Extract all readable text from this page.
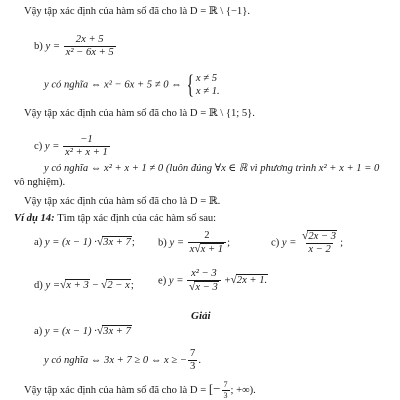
Vậy tập xác định của hàm số đã cho là D = ℝ \ {−1}.
b) $y = \frac{2x + 5}{\text{x² − 6x + 5}}$
y có nghĩa ⇔ x² − 6x + 5 ≠ 0 ⇔ { x ≠ 5
x ≠ 1.
Vậy tập xác định của hàm số đã cho là D = ℝ \ {1; 5}.
c) $y = \frac{-1}{\text{x² + x + 1}}$
y có nghĩa ⇔ x² + x + 1 ≠ 0 (luôn đúng ∀x ∈ ℝ vì phương trình x² + x + 1 = 0
vô nghiệm).
Vậy tập xác định của hàm số đã cho là D = ℝ.
Ví dụ 14: Tìm tập xác định của các hàm số sau:
a) y = (x − 1) ·√3x + 7; b) $y = \frac{2}{x√x + 1}$ ;	c) $y = \frac{√2x - 3}{x - 2}$ ;
d) y =√x + 3 − √2 − x; e) $y = \frac{\text{x² − 3}}{√x - 3} +√2x + 1$.
Giải
a) y = (x − 1) ·√3x + 7
y có nghĩa ⇔ 3x + 7 ≥ 0 ⇔ x ≥ − $\frac{7}{3}$ .
Vậy tập xác định của hàm số đã cho là D = [− $\frac{7}{3}$ ; +∞).
